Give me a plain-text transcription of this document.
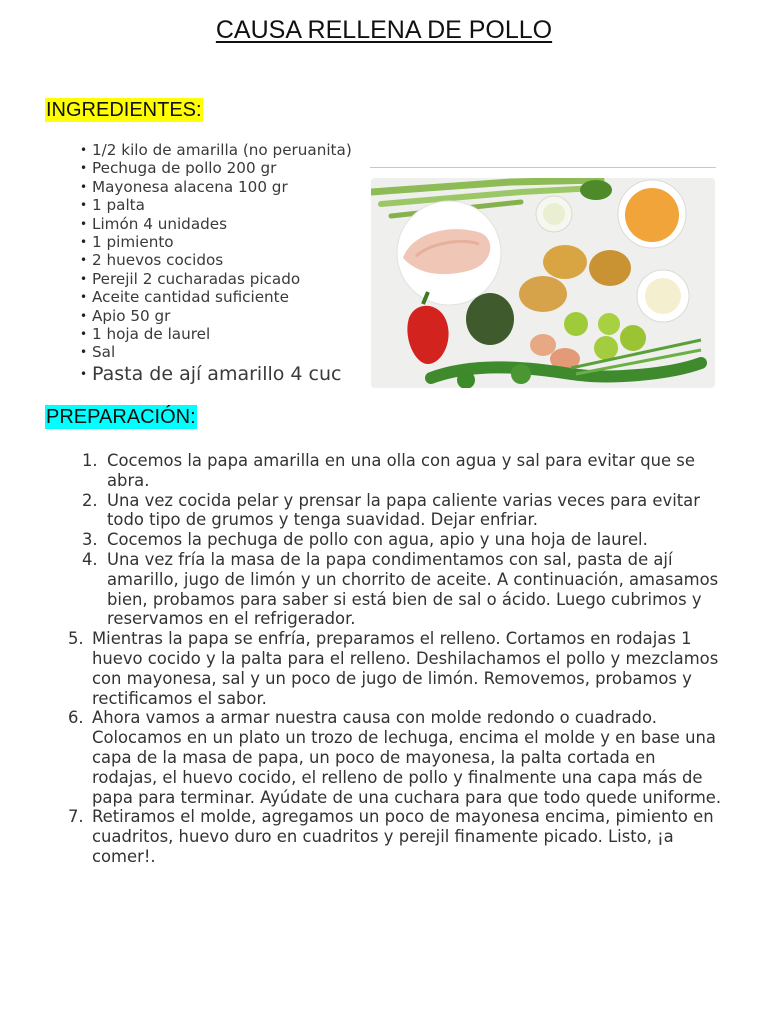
CAUSA RELLENA DE POLLO
INGREDIENTES:
• 1/2 kilo de amarilla (no peruanita)
• Pechuga de pollo 200 gr
• Mayonesa alacena 100 gr
• 1 palta
• Limón 4 unidades
• 1 pimiento
• 2 huevos cocidos
• Perejil 2 cucharadas picado
• Aceite cantidad suficiente
• Apio 50 gr
• 1 hoja de laurel
• Sal
• Pasta de ají amarillo 4 cuc
PREPARACIÓN:
1. Cocemos la papa amarilla en una olla con agua y sal para evitar que se abra.
2. Una vez cocida pelar y prensar la papa caliente varias veces para evitar todo tipo de grumos y tenga suavidad. Dejar enfriar.
3. Cocemos la pechuga de pollo con agua, apio y una hoja de laurel.
4. Una vez fría la masa de la papa condimentamos con sal, pasta de ají amarillo, jugo de limón y un chorrito de aceite. A continuación, amasamos bien, probamos para saber si está bien de sal o ácido. Luego cubrimos y reservamos en el refrigerador.
5. Mientras la papa se enfría, preparamos el relleno. Cortamos en rodajas 1 huevo cocido y la palta para el relleno. Deshilachamos el pollo y mezclamos con mayonesa, sal y un poco de jugo de limón. Removemos, probamos y rectificamos el sabor.
6. Ahora vamos a armar nuestra causa con molde redondo o cuadrado. Colocamos en un plato un trozo de lechuga, encima el molde y en base una capa de la masa de papa, un poco de mayonesa, la palta cortada en rodajas, el huevo cocido, el relleno de pollo y finalmente una capa más de papa para terminar. Ayúdate de una cuchara para que todo quede uniforme.
7. Retiramos el molde, agregamos un poco de mayonesa encima, pimiento en cuadritos, huevo duro en cuadritos y perejil finamente picado. Listo, ¡a comer!.
